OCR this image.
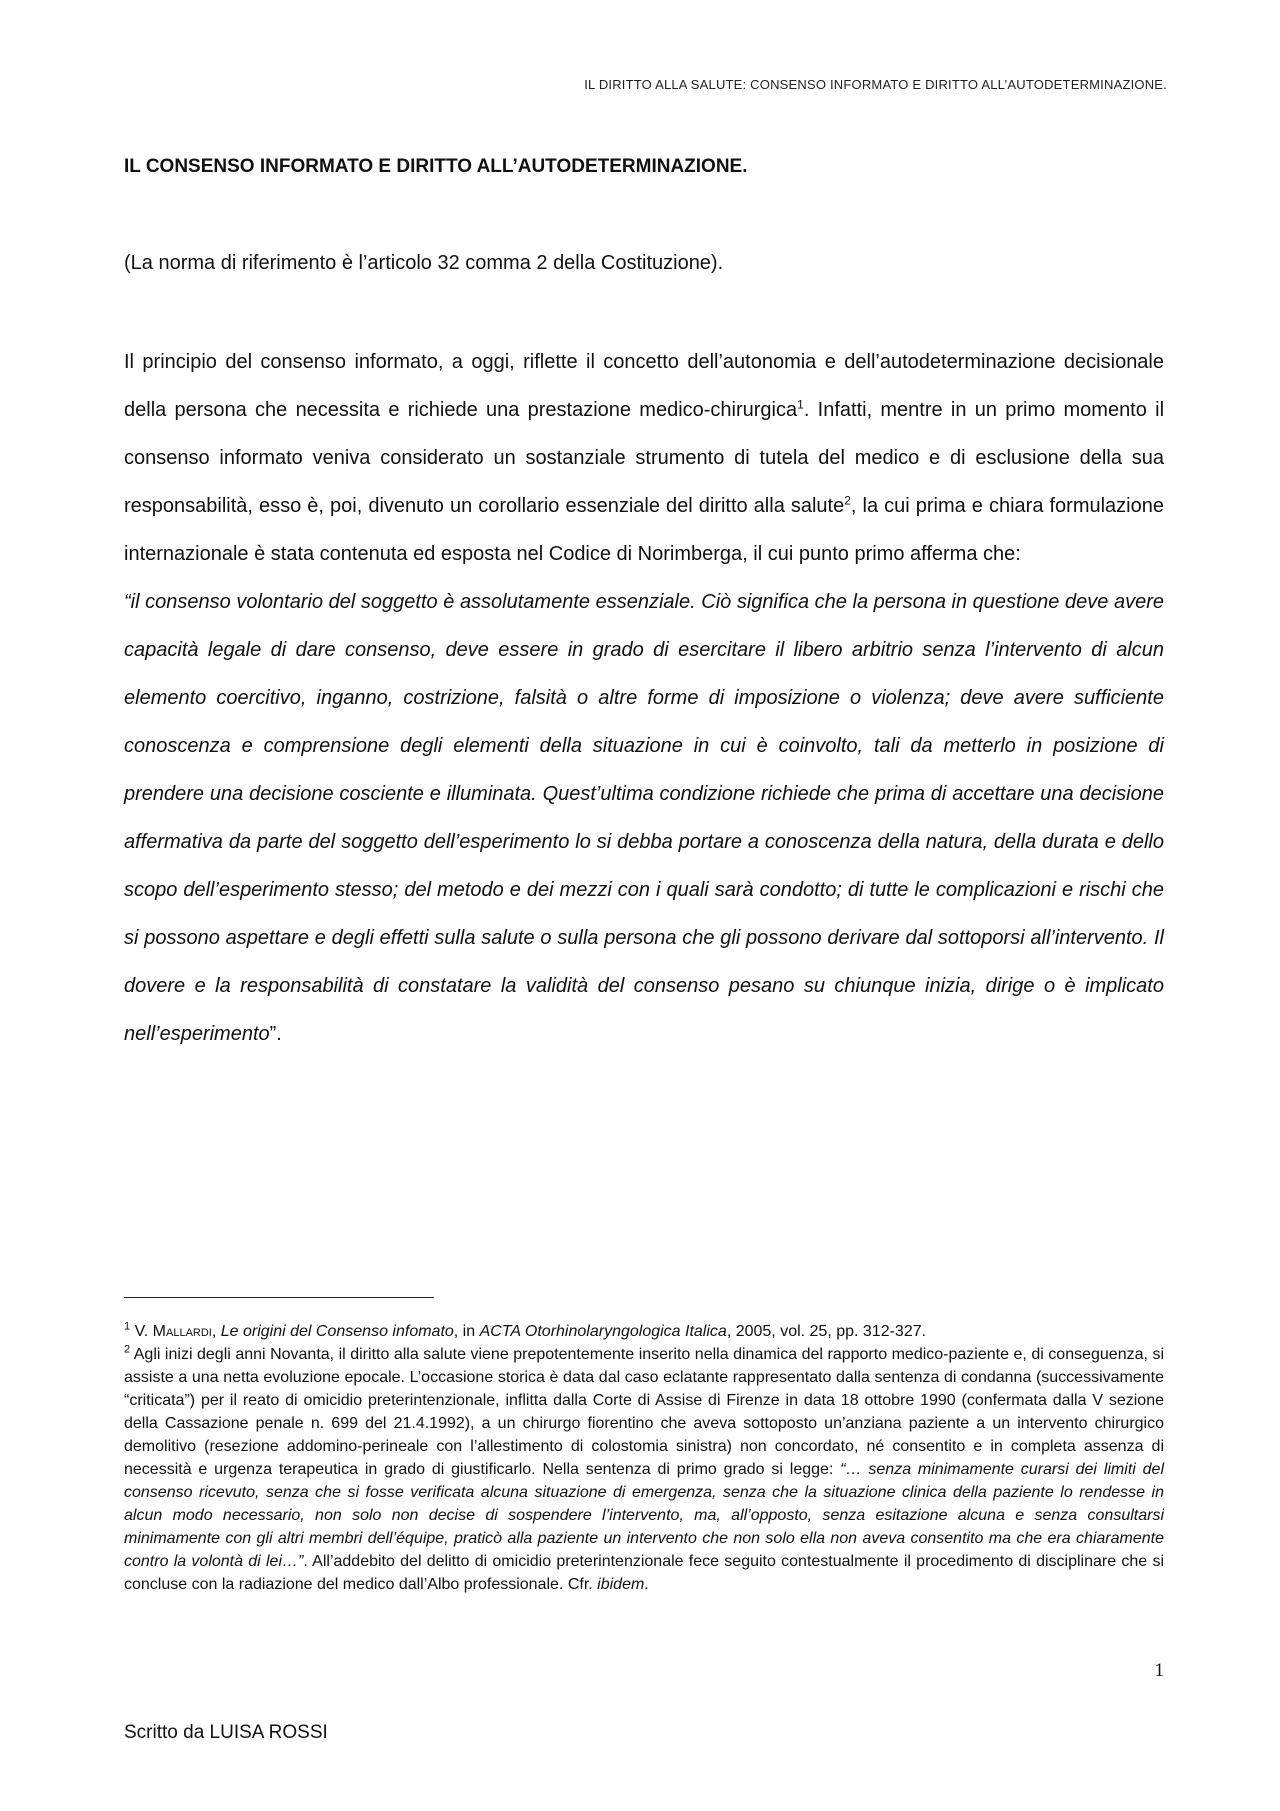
IL DIRITTO ALLA SALUTE: CONSENSO INFORMATO E DIRITTO ALL’AUTODETERMINAZIONE.
IL CONSENSO INFORMATO E DIRITTO ALL’AUTODETERMINAZIONE.
(La norma di riferimento è l’articolo 32 comma 2 della Costituzione).

Il principio del consenso informato, a oggi, riflette il concetto dell’autonomia e dell’autodeterminazione decisionale della persona che necessita e richiede una prestazione medico-chirurgica$^1$. Infatti, mentre in un primo momento il consenso informato veniva considerato un sostanziale strumento di tutela del medico e di esclusione della sua responsabilità, esso è, poi, divenuto un corollario essenziale del diritto alla salute$^2$, la cui prima e chiara formulazione internazionale è stata contenuta ed esposta nel Codice di Norimberga, il cui punto primo afferma che:
“il consenso volontario del soggetto è assolutamente essenziale. Ciò significa che la persona in questione deve avere capacità legale di dare consenso, deve essere in grado di esercitare il libero arbitrio senza l’intervento di alcun elemento coercitivo, inganno, costrizione, falsità o altre forme di imposizione o violenza; deve avere sufficiente conoscenza e comprensione degli elementi della situazione in cui è coinvolto, tali da metterlo in posizione di prendere una decisione cosciente e illuminata. Quest’ultima condizione richiede che prima di accettare una decisione affermativa da parte del soggetto dell’esperimento lo si debba portare a conoscenza della natura, della durata e dello scopo dell’esperimento stesso; del metodo e dei mezzi con i quali sarà condotto; di tutte le complicazioni e rischi che si possono aspettare e degli effetti sulla salute o sulla persona che gli possono derivare dal sottoporsi all’intervento. Il dovere e la responsabilità di constatare la validità del consenso pesano su chiunque inizia, dirige o è implicato nell’esperimento”.

$^1$ V. Mallardi, Le origini del Consenso infomato, in ACTA Otorhinolaryngologica Italica, 2005, vol. 25, pp. 312-327.

$^2$ Agli inizi degli anni Novanta, il diritto alla salute viene prepotentemente inserito nella dinamica del rapporto medico-paziente e, di conseguenza, si assiste a una netta evoluzione epocale. L’occasione storica è data dal caso eclatante rappresentato dalla sentenza di condanna (successivamente “criticata”) per il reato di omicidio preterintenzionale, inflitta dalla Corte di Assise di Firenze in data 18 ottobre 1990 (confermata dalla V sezione della Cassazione penale n. 699 del 21.4.1992), a un chirurgo fiorentino che aveva sottoposto un’anziana paziente a un intervento chirurgico demolitivo (resezione addomino-perineale con l’allestimento di colostomia sinistra) non concordato, né consentito e in completa assenza di necessità e urgenza terapeutica in grado di giustificarlo. Nella sentenza di primo grado si legge: “… senza minimamente curarsi dei limiti del consenso ricevuto, senza che si fosse verificata alcuna situazione di emergenza, senza che la situazione clinica della paziente lo rendesse in alcun modo necessario, non solo non decise di sospendere l’intervento, ma, all’opposto, senza esitazione alcuna e senza consultarsi minimamente con gli altri membri dell’équipe, praticò alla paziente un intervento che non solo ella non aveva consentito ma che era chiaramente contro la volontà di lei…”. All’addebito del delitto di omicidio preterintenzionale fece seguito contestualmente il procedimento di disciplinare che si concluse con la radiazione del medico dall’Albo professionale. Cfr. ibidem.

1
Scritto da LUISA ROSSI
